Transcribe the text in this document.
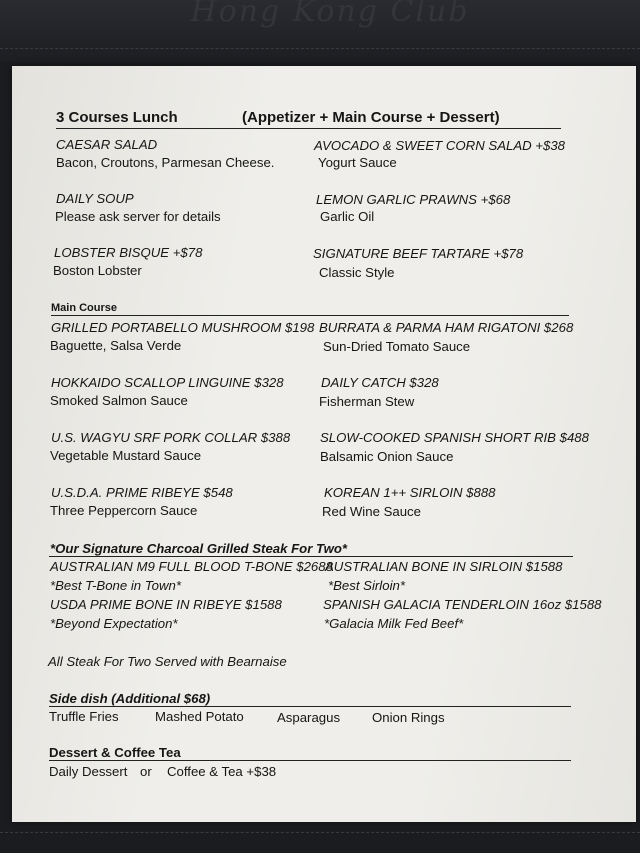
Hong Kong Club
3 Courses Lunch	(Appetizer + Main Course + Dessert)
CAESAR SALAD
Bacon, Croutons, Parmesan Cheese.
AVOCADO & SWEET CORN SALAD +$38
Yogurt Sauce
DAILY SOUP
Please ask server for details
LEMON GARLIC PRAWNS +$68
Garlic Oil
LOBSTER BISQUE +$78
Boston Lobster
SIGNATURE BEEF TARTARE +$78
Classic Style
Main Course
GRILLED PORTABELLO MUSHROOM $198
Baguette, Salsa Verde
BURRATA & PARMA HAM RIGATONI $268
Sun-Dried Tomato Sauce
HOKKAIDO SCALLOP LINGUINE $328
Smoked Salmon Sauce
DAILY CATCH $328
Fisherman Stew
U.S. WAGYU SRF PORK COLLAR $388
Vegetable Mustard Sauce
SLOW-COOKED SPANISH SHORT RIB $488
Balsamic Onion Sauce
U.S.D.A. PRIME RIBEYE $548
Three Peppercorn Sauce
KOREAN 1++ SIRLOIN $888
Red Wine Sauce
*Our Signature Charcoal Grilled Steak For Two*
AUSTRALIAN M9 FULL BLOOD T-BONE $2688
*Best T-Bone in Town*
AUSTRALIAN BONE IN SIRLOIN $1588
*Best Sirloin*
USDA PRIME BONE IN RIBEYE $1588
*Beyond Expectation*
SPANISH GALACIA TENDERLOIN 16oz $1588
*Galacia Milk Fed Beef*
All Steak For Two Served with Bearnaise
Side dish (Additional $68)
Truffle Fries	Mashed Potato	Asparagus Onion Rings
Dessert & Coffee Tea
Daily Dessert or Coffee & Tea +$38
